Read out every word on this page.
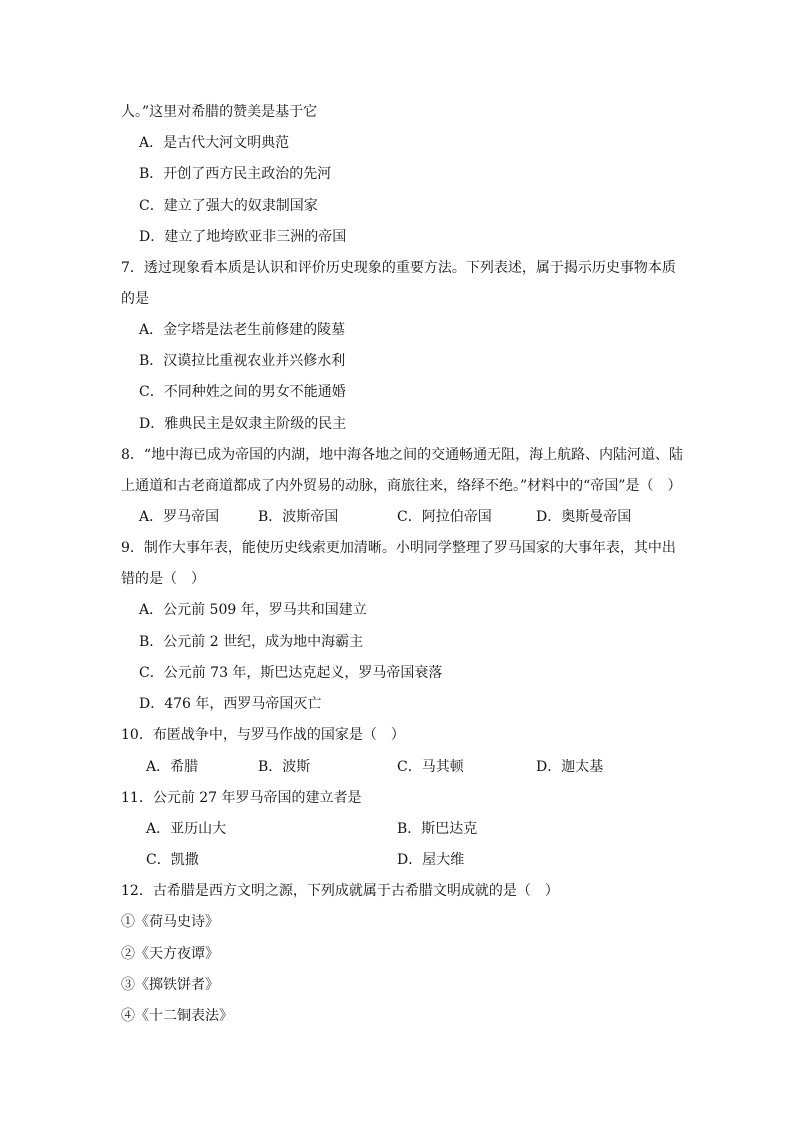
人。”这里对希腊的赞美是基于它
A．是古代大河文明典范
B．开创了西方民主政治的先河
C．建立了强大的奴隶制国家
D．建立了地垮欧亚非三洲的帝国
7．透过现象看本质是认识和评价历史现象的重要方法。下列表述，属于揭示历史事物本质
的是
A．金字塔是法老生前修建的陵墓
B．汉谟拉比重视农业并兴修水利
C．不同种姓之间的男女不能通婚
D．雅典民主是奴隶主阶级的民主
8．“地中海已成为帝国的内湖，地中海各地之间的交通畅通无阻，海上航路、内陆河道、陆
上通道和古老商道都成了内外贸易的动脉，商旅往来，络绎不绝。”材料中的“帝国”是（　）
A．罗马帝国	B．波斯帝国	C．阿拉伯帝国	D．奥斯曼帝国
9．制作大事年表，能使历史线索更加清晰。小明同学整理了罗马国家的大事年表，其中出
错的是（　）
A．公元前 509 年，罗马共和国建立
B．公元前 2 世纪，成为地中海霸主
C．公元前 73 年，斯巴达克起义，罗马帝国衰落
D．476 年，西罗马帝国灭亡
10．布匿战争中，与罗马作战的国家是（　）
A．希腊	B．波斯	C．马其顿	D．迦太基
11．公元前 27 年罗马帝国的建立者是
A．亚历山大	B．斯巴达克
C．凯撒	D．屋大维
12．古希腊是西方文明之源，下列成就属于古希腊文明成就的是（　）
①《荷马史诗》
②《天方夜谭》
③《掷铁饼者》
④《十二铜表法》
